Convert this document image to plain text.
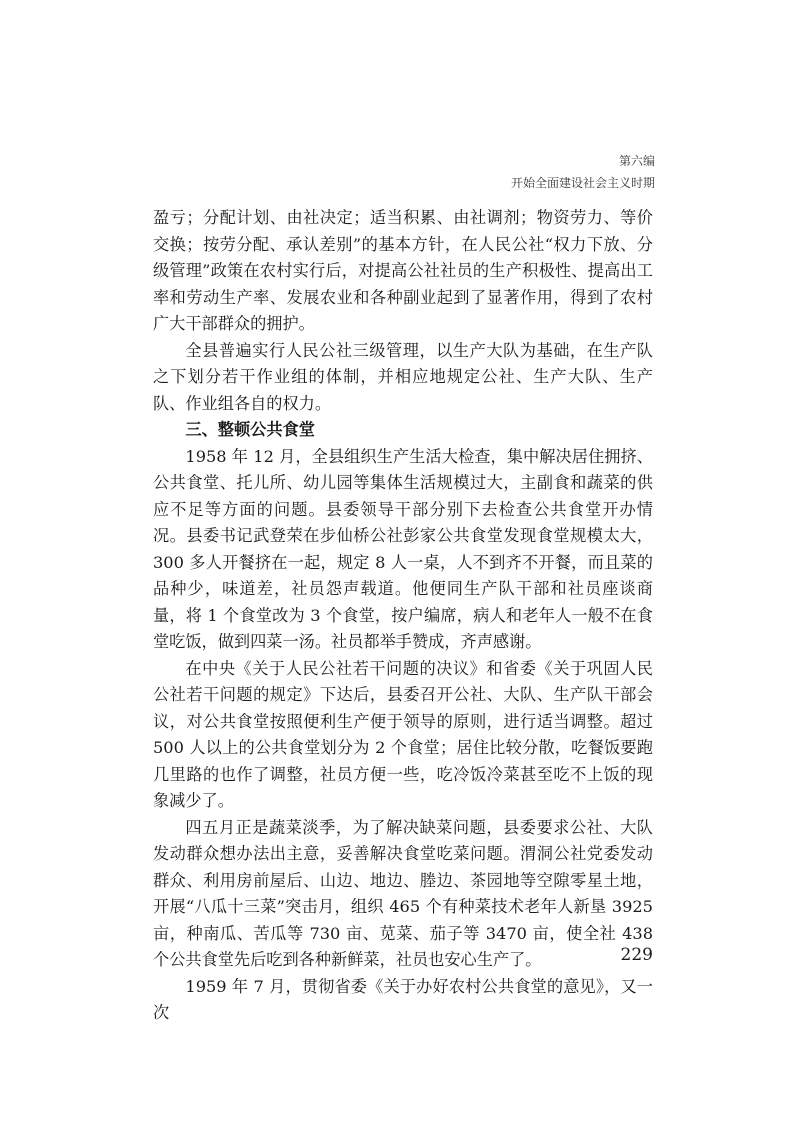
第六编
开始全面建设社会主义时期

盈亏；分配计划、由社决定；适当积累、由社调剂；物资劳力、等价交换；按劳分配、承认差别”的基本方针，在人民公社“权力下放、分级管理”政策在农村实行后，对提高公社社员的生产积极性、提高出工率和劳动生产率、发展农业和各种副业起到了显著作用，得到了农村广大干部群众的拥护。

全县普遍实行人民公社三级管理，以生产大队为基础，在生产队之下划分若干作业组的体制，并相应地规定公社、生产大队、生产队、作业组各自的权力。

三、整顿公共食堂

1958 年 12 月，全县组织生产生活大检查，集中解决居住拥挤、公共食堂、托儿所、幼儿园等集体生活规模过大，主副食和蔬菜的供应不足等方面的问题。县委领导干部分别下去检查公共食堂开办情况。县委书记武登荣在步仙桥公社彭家公共食堂发现食堂规模太大，300 多人开餐挤在一起，规定 8 人一桌，人不到齐不开餐，而且菜的品种少，味道差，社员怨声载道。他便同生产队干部和社员座谈商量，将 1 个食堂改为 3 个食堂，按户编席，病人和老年人一般不在食堂吃饭，做到四菜一汤。社员都举手赞成，齐声感谢。

在中央《关于人民公社若干问题的决议》和省委《关于巩固人民公社若干问题的规定》下达后，县委召开公社、大队、生产队干部会议，对公共食堂按照便利生产便于领导的原则，进行适当调整。超过 500 人以上的公共食堂划分为 2 个食堂；居住比较分散，吃餐饭要跑几里路的也作了调整，社员方便一些，吃冷饭冷菜甚至吃不上饭的现象减少了。

四五月正是蔬菜淡季，为了解决缺菜问题，县委要求公社、大队发动群众想办法出主意，妥善解决食堂吃菜问题。渭洞公社党委发动群众、利用房前屋后、山边、地边、塍边、茶园地等空隙零星土地，开展“八瓜十三菜”突击月，组织 465 个有种菜技术老年人新垦 3925 亩，种南瓜、苦瓜等 730 亩、苋菜、茄子等 3470 亩，使全社 438 个公共食堂先后吃到各种新鲜菜，社员也安心生产了。

1959 年 7 月，贯彻省委《关于办好农村公共食堂的意见》，又一次

229
